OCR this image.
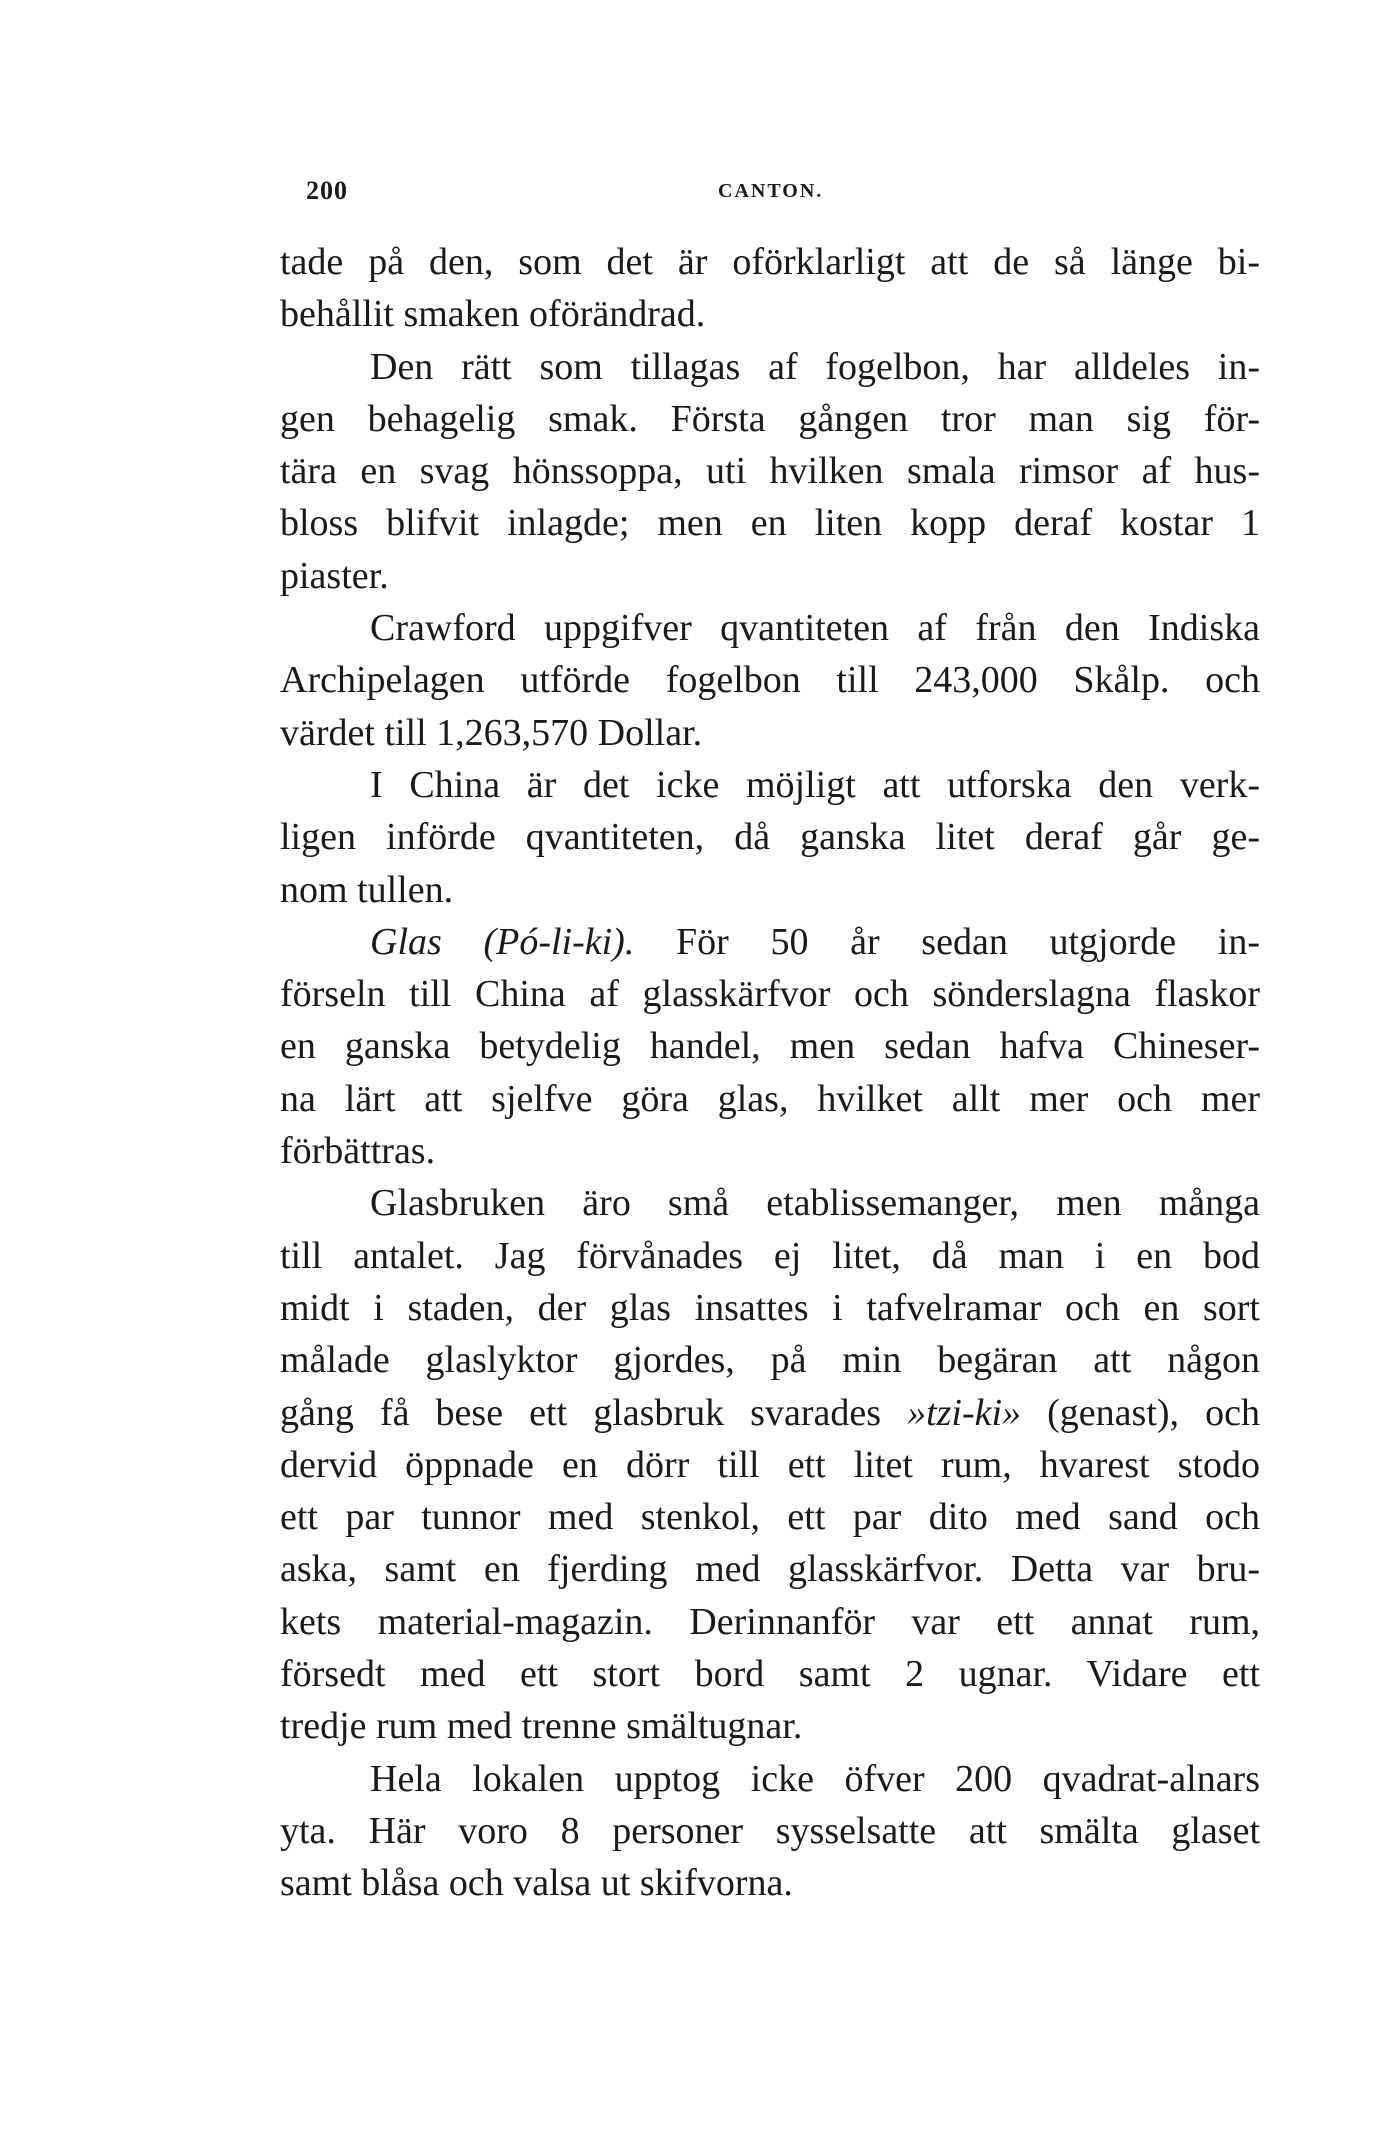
200	CANTON.
tade på den, som det är oförklarligt att de så länge bi-
behållit smaken oförändrad.
Den rätt som tillagas af fogelbon, har alldeles in-
gen behagelig smak. Första gången tror man sig för-
tära en svag hönssoppa, uti hvilken smala rimsor af hus-
bloss blifvit inlagde; men en liten kopp deraf kostar 1
piaster.
Crawford uppgifver qvantiteten af från den Indiska
Archipelagen utförde fogelbon till 243,000 Skålp. och
värdet till 1,263,570 Dollar.
I China är det icke möjligt att utforska den verk-
ligen införde qvantiteten, då ganska litet deraf går ge-
nom tullen.
Glas (Pó-li-ki). För 50 år sedan utgjorde in-
förseln till China af glasskärfvor och sönderslagna flaskor
en ganska betydelig handel, men sedan hafva Chineser-
na lärt att sjelfve göra glas, hvilket allt mer och mer
förbättras.
Glasbruken äro små etablissemanger, men många
till antalet. Jag förvånades ej litet, då man i en bod
midt i staden, der glas insattes i tafvelramar och en sort
målade glaslyktor gjordes, på min begäran att någon
gång få bese ett glasbruk svarades »tzi-ki» (genast), och
dervid öppnade en dörr till ett litet rum, hvarest stodo
ett par tunnor med stenkol, ett par dito med sand och
aska, samt en fjerding med glasskärfvor. Detta var bru-
kets material-magazin. Derinnanför var ett annat rum,
försedt med ett stort bord samt 2 ugnar. Vidare ett
tredje rum med trenne smältugnar.
Hela lokalen upptog icke öfver 200 qvadrat-alnars
yta. Här voro 8 personer sysselsatte att smälta glaset
samt blåsa och valsa ut skifvorna.
